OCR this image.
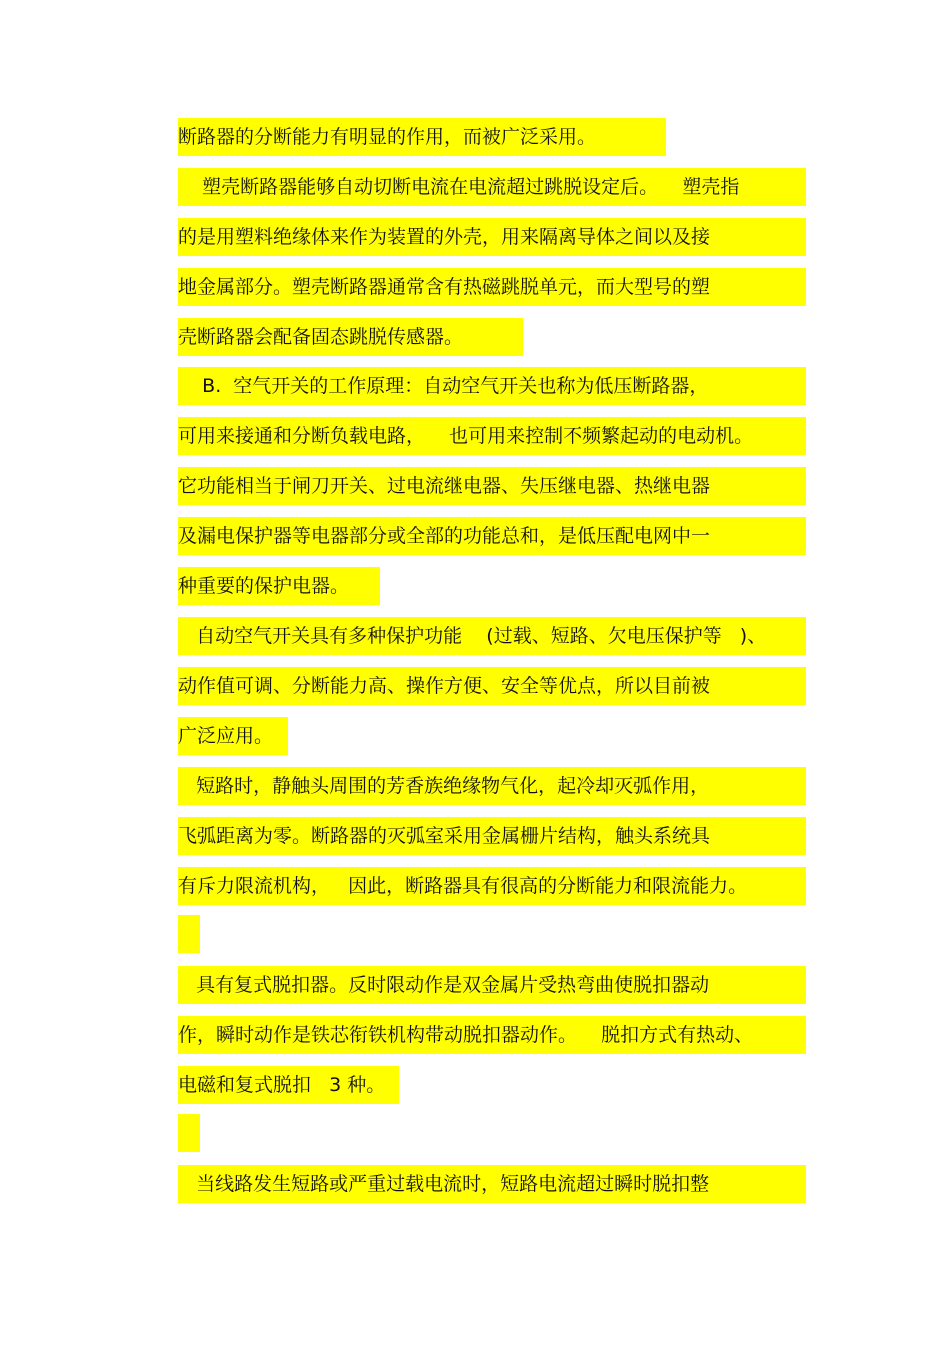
断路器的分断能力有明显的作用，而被广泛采用。
塑壳断路器能够自动切断电流在电流超过跳脱设定后。    塑壳指
的是用塑料绝缘体来作为装置的外壳，用来隔离导体之间以及接
地金属部分。塑壳断路器通常含有热磁跳脱单元，而大型号的塑
壳断路器会配备固态跳脱传感器。
B.  空气开关的工作原理：自动空气开关也称为低压断路器，
可用来接通和分断负载电路，    也可用来控制不频繁起动的电动机。
它功能相当于闸刀开关、过电流继电器、失压继电器、热继电器
及漏电保护器等电器部分或全部的功能总和，是低压配电网中一
种重要的保护电器。
自动空气开关具有多种保护功能    (过载、短路、欠电压保护等   )、
动作值可调、分断能力高、操作方便、安全等优点，所以目前被
广泛应用。
短路时，静触头周围的芳香族绝缘物气化，起冷却灭弧作用，
飞弧距离为零。断路器的灭弧室采用金属栅片结构，触头系统具
有斥力限流机构，   因此，断路器具有很高的分断能力和限流能力。
具有复式脱扣器。反时限动作是双金属片受热弯曲使脱扣器动
作，瞬时动作是铁芯衔铁机构带动脱扣器动作。    脱扣方式有热动、
电磁和复式脱扣   3 种。
当线路发生短路或严重过载电流时，短路电流超过瞬时脱扣整
